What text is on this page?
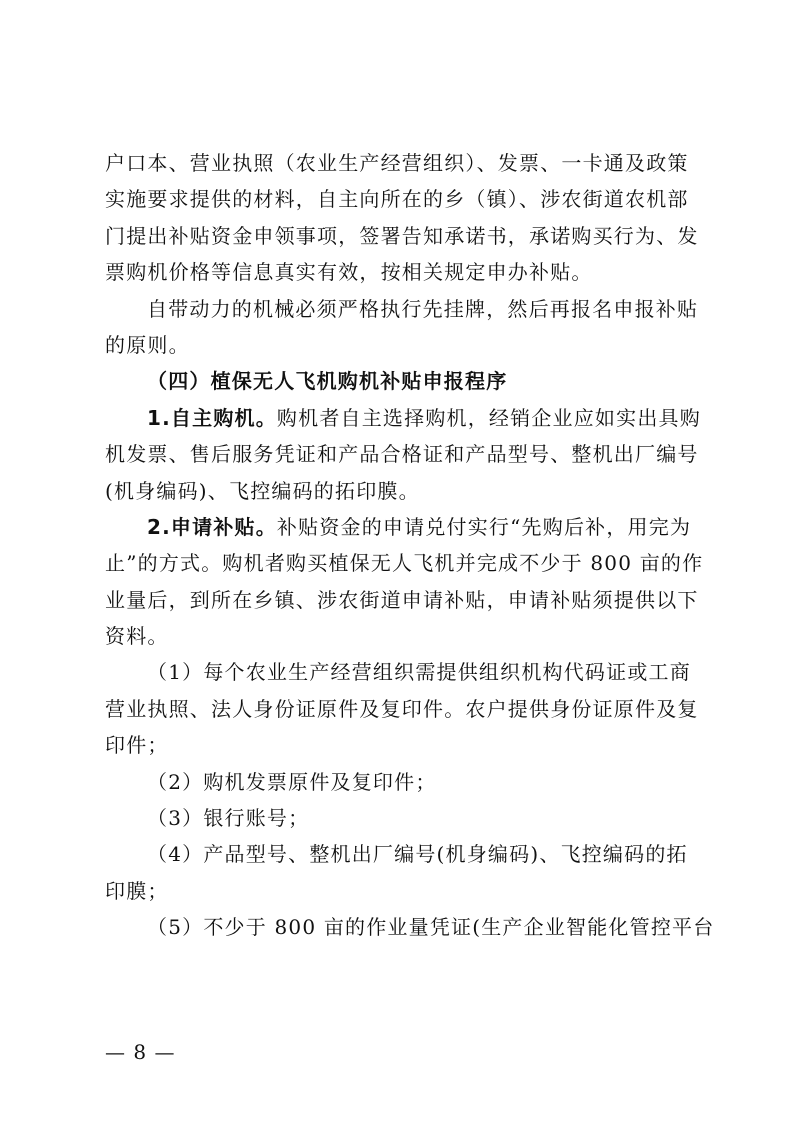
户口本、营业执照（农业生产经营组织）、发票、一卡通及政策
实施要求提供的材料，自主向所在的乡（镇）、涉农街道农机部
门提出补贴资金申领事项，签署告知承诺书，承诺购买行为、发
票购机价格等信息真实有效，按相关规定申办补贴。
自带动力的机械必须严格执行先挂牌，然后再报名申报补贴
的原则。
（四）植保无人飞机购机补贴申报程序
1.自主购机。购机者自主选择购机，经销企业应如实出具购
机发票、售后服务凭证和产品合格证和产品型号、整机出厂编号
(机身编码)、飞控编码的拓印膜。
2.申请补贴。补贴资金的申请兑付实行“先购后补，用完为
止”的方式。购机者购买植保无人飞机并完成不少于 800 亩的作
业量后，到所在乡镇、涉农街道申请补贴，申请补贴须提供以下
资料。
（1）每个农业生产经营组织需提供组织机构代码证或工商
营业执照、法人身份证原件及复印件。农户提供身份证原件及复
印件；
（2）购机发票原件及复印件；
（3）银行账号；
（4）产品型号、整机出厂编号(机身编码)、飞控编码的拓
印膜；
（5）不少于 800 亩的作业量凭证(生产企业智能化管控平台
— 8 —
